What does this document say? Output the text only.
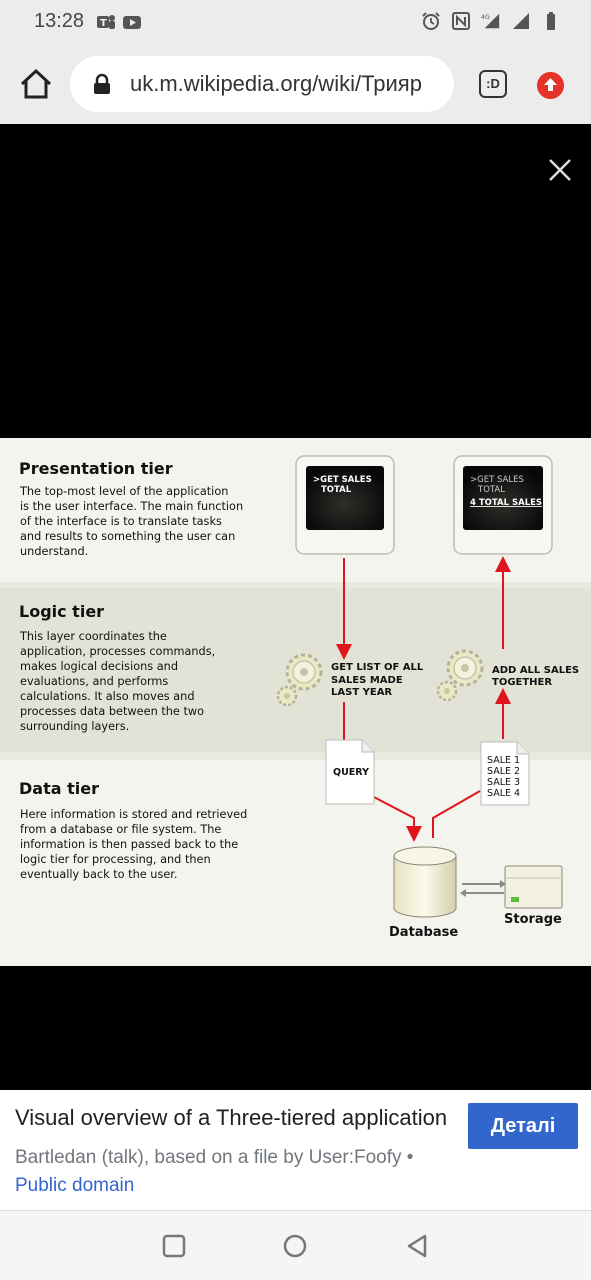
13:28 T
4G
uk.m.wikipedia.org/wiki/Трияр	:D
Presentation tier
The top-most level of the application
is the user interface. The main function
of the interface is to translate tasks
and results to something the user can
understand.
Logic tier
This layer coordinates the
application, processes commands,
makes logical decisions and
evaluations, and performs
calculations. It also moves and
processes data between the two
surrounding layers.
Data tier
Here information is stored and retrieved
from a database or file system. The
information is then passed back to the
logic tier for processing, and then
eventually back to the user.
>GET SALES
TOTAL
>GET SALES
TOTAL
4 TOTAL SALES
GET LIST OF ALL
SALES MADE
LAST YEAR
ADD ALL SALES
TOGETHER
QUERY
SALE 1
SALE 2
SALE 3
SALE 4
Database
Storage
Visual overview of a Three-tiered application	Деталі
Bartledan (talk), based on a file by User:Foofy •
Public domain
